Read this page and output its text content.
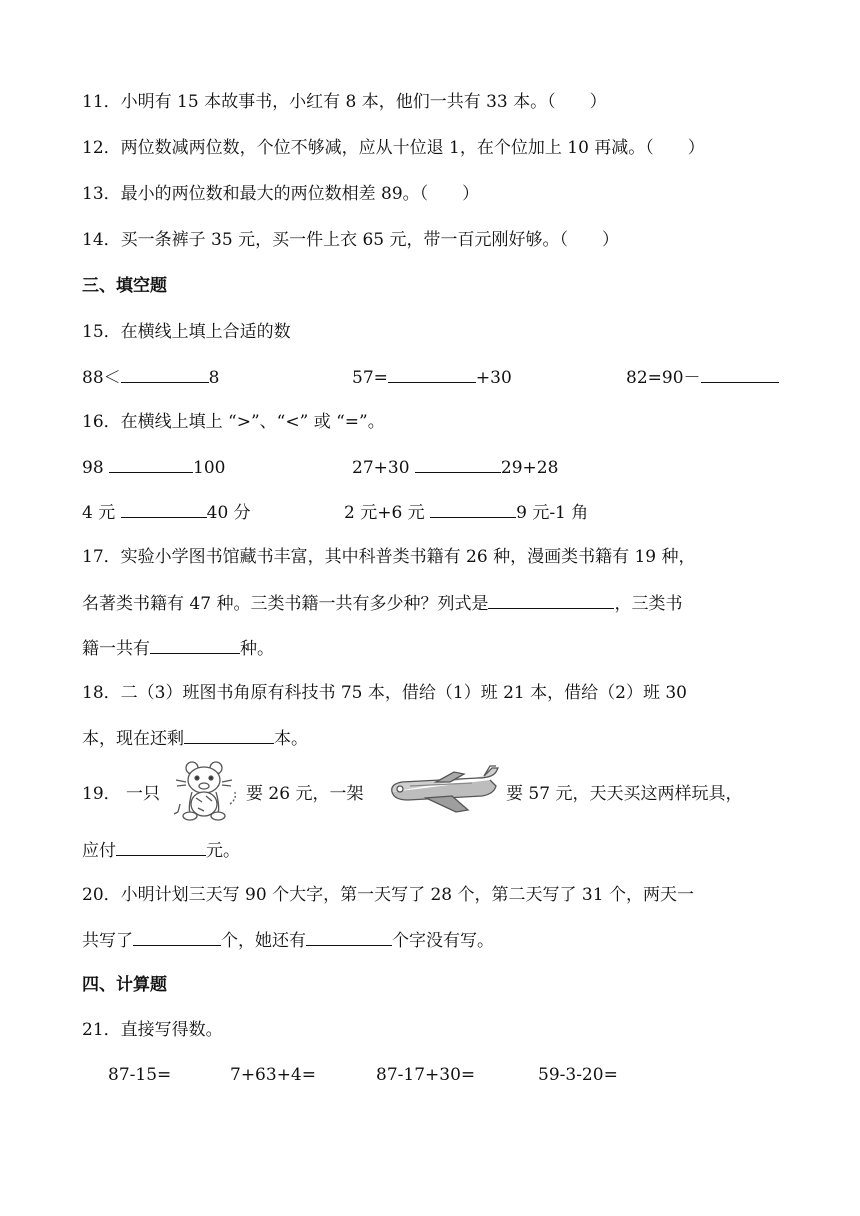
11．小明有 15 本故事书，小红有 8 本，他们一共有 33 本。（　　）
12．两位数减两位数，个位不够减，应从十位退 1，在个位加上 10 再减。（　　）
13．最小的两位数和最大的两位数相差 89。（　　）
14．买一条裤子 35 元，买一件上衣 65 元，带一百元刚好够。（　　）
三、填空题
15．在横线上填上合适的数
88＜	8	57=	+30	82=90－
16．在横线上填上 “>”、“<” 或 “=”。
98	100	27+30	29+28
4 元	40 分	2 元+6 元	9 元-1 角
17．实验小学图书馆藏书丰富，其中科普类书籍有 26 种，漫画类书籍有 19 种，
名著类书籍有 47 种。三类书籍一共有多少种？列式是	，三类书
籍一共有	种。
18．二（3）班图书角原有科技书 75 本，借给（1）班 21 本，借给（2）班 30
本，现在还剩	本。
19． 一只	要 26 元，一架	要 57 元，天天买这两样玩具，
应付	元。
20．小明计划三天写 90 个大字，第一天写了 28 个，第二天写了 31 个，两天一
共写了	个，她还有	个字没有写。
四、计算题
21．直接写得数。
87-15=	7+63+4=	87-17+30=	59-3-20=
